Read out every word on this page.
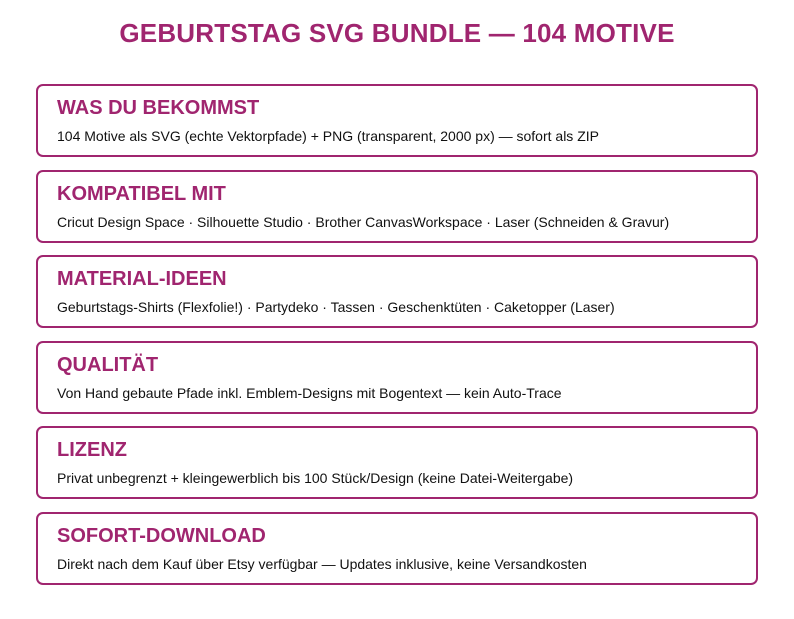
GEBURTSTAG SVG BUNDLE — 104 MOTIVE
WAS DU BEKOMMST
104 Motive als SVG (echte Vektorpfade) + PNG (transparent, 2000 px) — sofort als ZIP
KOMPATIBEL MIT
Cricut Design Space · Silhouette Studio · Brother CanvasWorkspace · Laser (Schneiden & Gravur)
MATERIAL-IDEEN
Geburtstags-Shirts (Flexfolie!) · Partydeko · Tassen · Geschenktüten · Caketopper (Laser)
QUALITÄT
Von Hand gebaute Pfade inkl. Emblem-Designs mit Bogentext — kein Auto-Trace
LIZENZ
Privat unbegrenzt + kleingewerblich bis 100 Stück/Design (keine Datei-Weitergabe)
SOFORT-DOWNLOAD
Direkt nach dem Kauf über Etsy verfügbar — Updates inklusive, keine Versandkosten
